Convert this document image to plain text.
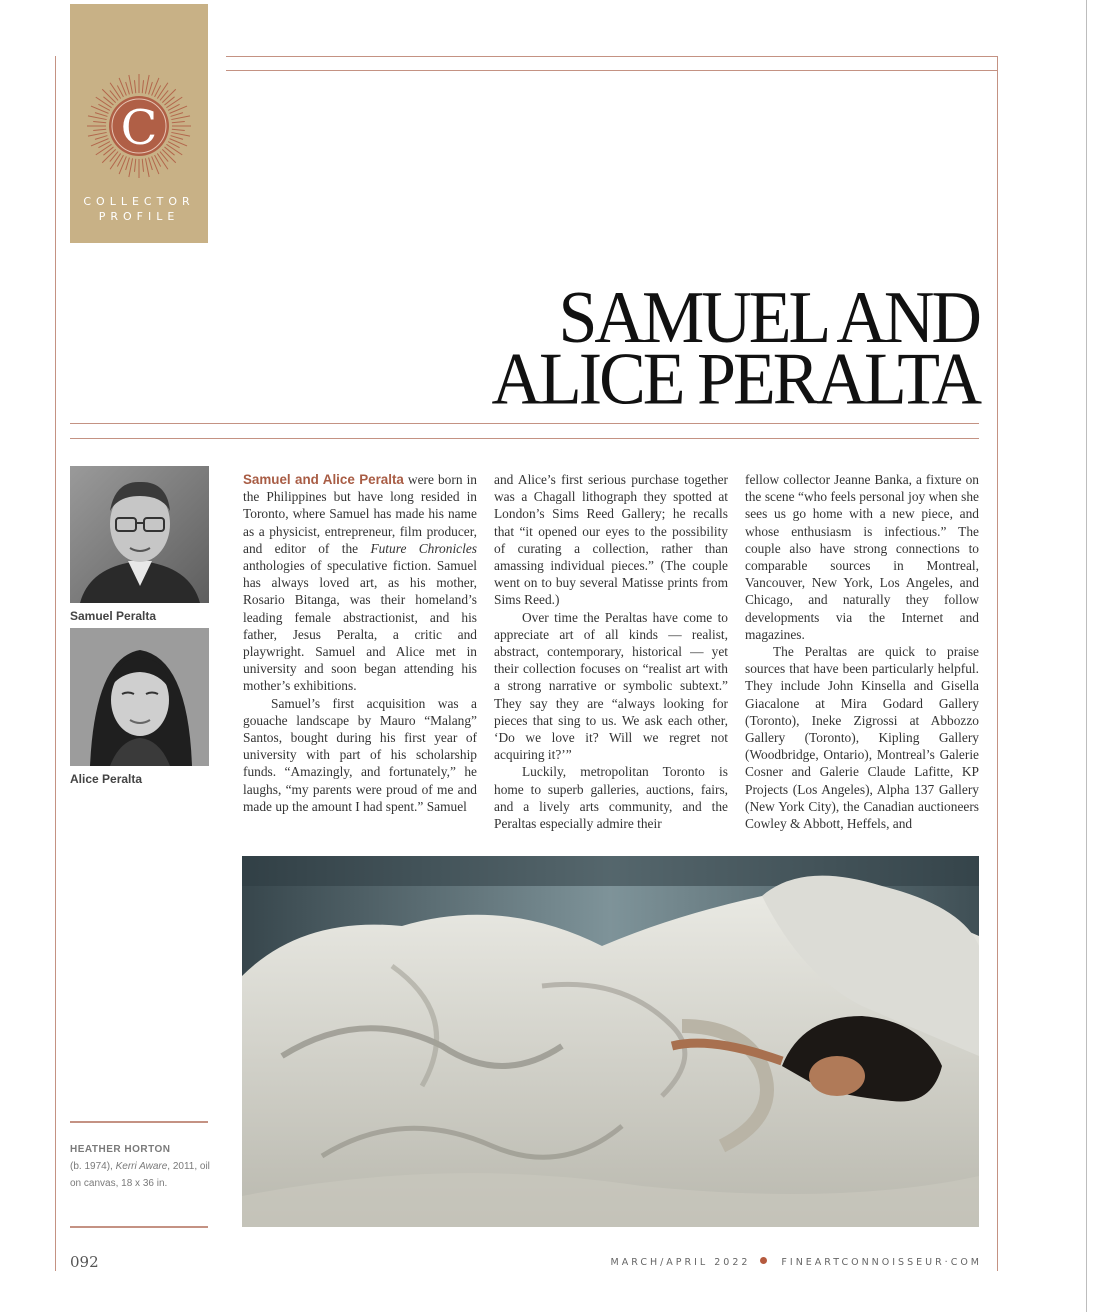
C
COLLECTOR
PROFILE
SAMUEL AND
ALICE PERALTA
Samuel Peralta
Alice Peralta

Samuel and Alice Peralta were born in the Philippines but have long resided in Toronto, where Samuel has made his name as a physicist, entrepreneur, film producer, and editor of the Future Chronicles anthologies of speculative fiction. Samuel has always loved art, as his mother, Rosario Bitanga, was their homeland’s leading female abstractionist, and his father, Jesus Peralta, a critic and playwright. Samuel and Alice met in university and soon began attending his mother’s exhibitions.

Samuel’s first acquisition was a gouache landscape by Mauro “Malang” Santos, bought during his first year of university with part of his scholarship funds. “Amazingly, and fortunately,” he laughs, “my parents were proud of me and made up the amount I had spent.” Samuel

and Alice’s first serious purchase together was a Chagall lithograph they spotted at London’s Sims Reed Gallery; he recalls that “it opened our eyes to the possibility of curating a collection, rather than amassing individual pieces.” (The couple went on to buy several Matisse prints from Sims Reed.)

Over time the Peraltas have come to appreciate art of all kinds — realist, abstract, contemporary, historical — yet their collection focuses on “realist art with a strong narrative or symbolic subtext.” They say they are “always looking for pieces that sing to us. We ask each other, ‘Do we love it? Will we regret not acquiring it?’”

Luckily, metropolitan Toronto is home to superb galleries, auctions, fairs, and a lively arts community, and the Peraltas especially admire their

fellow collector Jeanne Banka, a fixture on the scene “who feels personal joy when she sees us go home with a new piece, and whose enthusiasm is infectious.” The couple also have strong connections to comparable sources in Montreal, Vancouver, New York, Los Angeles, and Chicago, and naturally they follow developments via the Internet and magazines.

The Peraltas are quick to praise sources that have been particularly helpful. They include John Kinsella and Gisella Giacalone at Mira Godard Gallery (Toronto), Ineke Zigrossi at Abbozzo Gallery (Toronto), Kipling Gallery (Woodbridge, Ontario), Montreal’s Galerie Cosner and Galerie Claude Lafitte, KP Projects (Los Angeles), Alpha 137 Gallery (New York City), the Canadian auctioneers Cowley & Abbott, Heffels, and

HEATHER HORTON
(b. 1974), Kerri Aware, 2011, oil on canvas, 18 x 36 in.
092	MARCH/APRIL 2022	FINEARTCONNOISSEUR·COM
